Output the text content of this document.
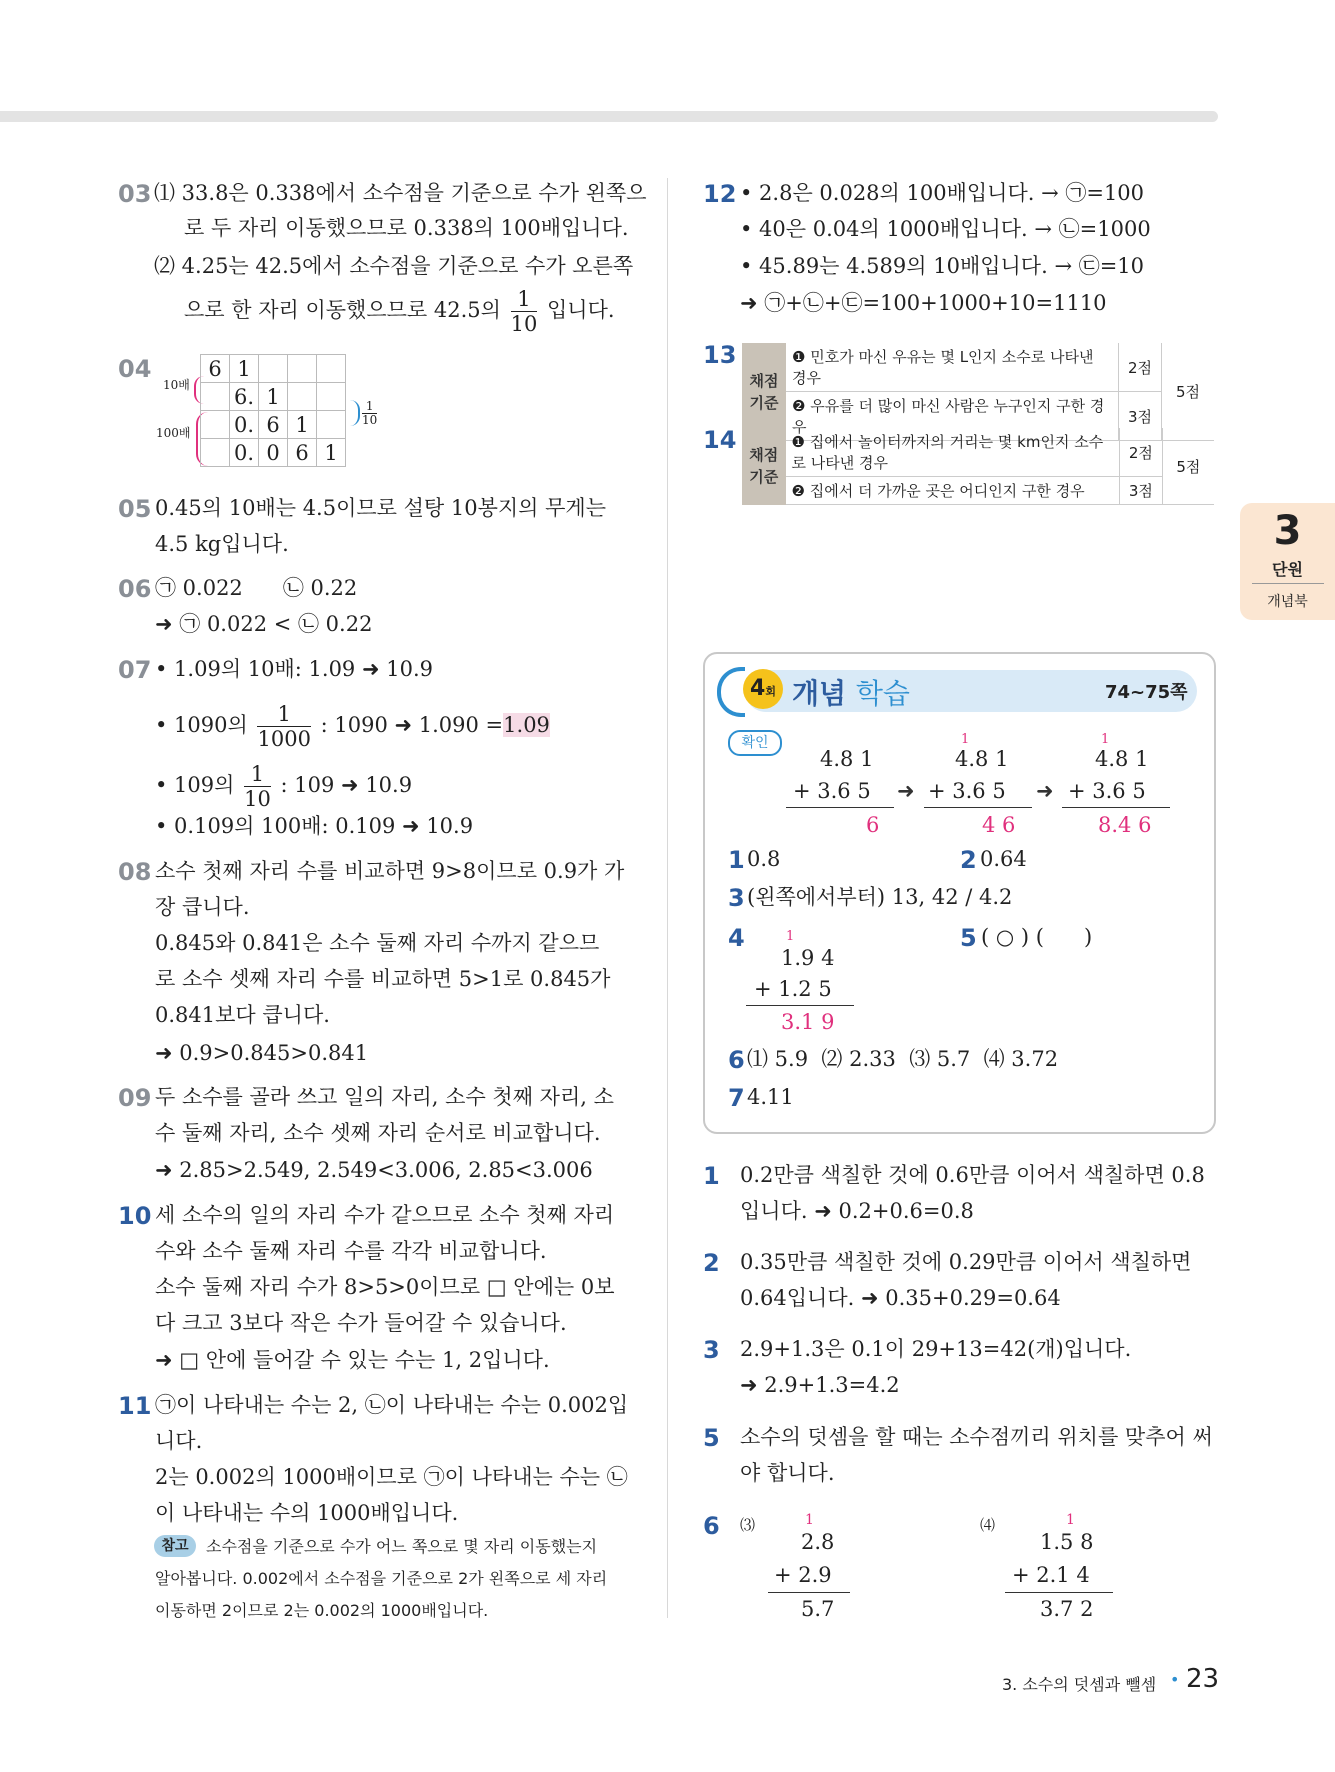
03 ⑴ 33.8은 0.338에서 소수점을 기준으로 수가 왼쪽으
로 두 자리 이동했으므로 0.338의 100배입니다.
⑵ 4.25는 42.5에서 소수점을 기준으로 수가 오른쪽
으로 한 자리 이동했으므로 42.5의 $\frac{1}{10}$ 입니다.
04
10배
100배
6	1			
	6.	1		
	0.	6	1	
	0.	0	6	1
$\frac{1}{10}$
05 0.45의 10배는 4.5이므로 설탕 10봉지의 무게는
4.5 kg입니다.
06 ㉠ 0.022      ㉡ 0.22
➜ ㉠ 0.022 < ㉡ 0.22
07 • 1.09의 10배: 1.09 ➜ 10.9
• 1090의 $\frac{1}{1000}$ : 1090 ➜ 1.090 =1.09
• 109의 $\frac{1}{10}$ : 109 ➜ 10.9
• 0.109의 100배: 0.109 ➜ 10.9
08 소수 첫째 자리 수를 비교하면 9>8이므로 0.9가 가
장 큽니다.
0.845와 0.841은 소수 둘째 자리 수까지 같으므
로 소수 셋째 자리 수를 비교하면 5>1로 0.845가
0.841보다 큽니다.
➜ 0.9>0.845>0.841
09 두 소수를 골라 쓰고 일의 자리, 소수 첫째 자리, 소
수 둘째 자리, 소수 셋째 자리 순서로 비교합니다.
➜ 2.85>2.549, 2.549<3.006, 2.85<3.006
10 세 소수의 일의 자리 수가 같으므로 소수 첫째 자리
수와 소수 둘째 자리 수를 각각 비교합니다.
소수 둘째 자리 수가 8>5>0이므로 □ 안에는 0보
다 크고 3보다 작은 수가 들어갈 수 있습니다.
➜ □ 안에 들어갈 수 있는 수는 1, 2입니다.
11 ㉠이 나타내는 수는 2, ㉡이 나타내는 수는 0.002입
니다.
2는 0.002의 1000배이므로 ㉠이 나타내는 수는 ㉡
이 나타내는 수의 1000배입니다.
참고	소수점을 기준으로 수가 어느 쪽으로 몇 자리 이동했는지
알아봅니다. 0.002에서 소수점을 기준으로 2가 왼쪽으로 세 자리
이동하면 2이므로 2는 0.002의 1000배입니다.
12 • 2.8은 0.028의 100배입니다. → ㉠=100
• 40은 0.04의 1000배입니다. → ㉡=1000
• 45.89는 4.589의 10배입니다. → ㉢=10
➜ ㉠+㉡+㉢=100+1000+10=1110
13
채점
기준	❶ 민호가 마신 우유는 몇 L인지 소수로 나타낸 경우	2점	5점
	❷ 우유를 더 많이 마신 사람은 누구인지 구한 경우	3점	
14
채점
기준	❶ 집에서 놀이터까지의 거리는 몇 km인지 소수로 나타낸 경우	2점	5점
	❷ 집에서 더 가까운 곳은 어디인지 구한 경우	3점	
3
단원
개념북
4회 개념 학습	74~75쪽
확인
4.8 1
+ 3.6 5
6
➜
1
4.8 1
+ 3.6 5
4 6
➜
1
4.8 1
+ 3.6 5
8.4 6
1 0.8	2 0.64
3 (왼쪽에서부터) 13, 42 / 4.2
4	1
1.9 4
+ 1.2 5
3.1 9
5 ( ○ ) (      )
6 ⑴ 5.9  ⑵ 2.33  ⑶ 5.7  ⑷ 3.72
7 4.11
1 0.2만큼 색칠한 것에 0.6만큼 이어서 색칠하면 0.8
입니다. ➜ 0.2+0.6=0.8
2 0.35만큼 색칠한 것에 0.29만큼 이어서 색칠하면
0.64입니다. ➜ 0.35+0.29=0.64
3 2.9+1.3은 0.1이 29+13=42(개)입니다.
➜ 2.9+1.3=4.2
5 소수의 덧셈을 할 때는 소수점끼리 위치를 맞추어 써
야 합니다.
6 ⑶	1
2.8
+ 2.9
5.7
⑷	1
1.5 8
+ 2.1 4
3.7 2
3. 소수의 덧셈과 뺄셈 • 23
